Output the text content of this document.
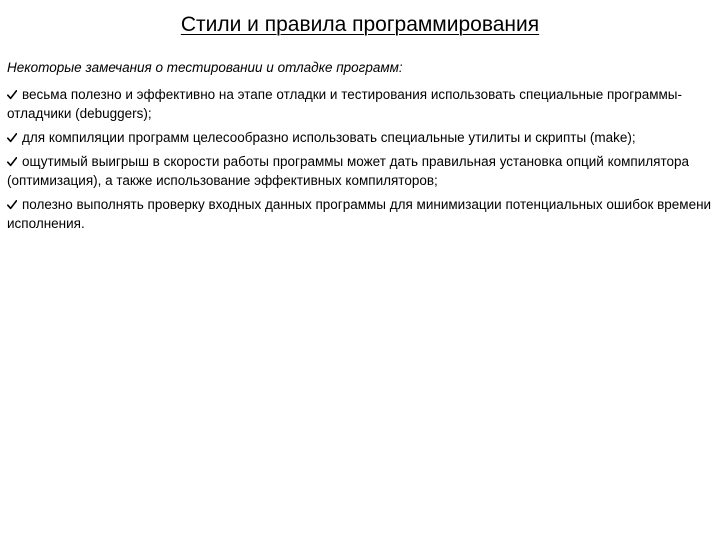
Стили и правила программирования

Некоторые замечания о тестировании и отладке программ:

весьма полезно и эффективно на этапе отладки и тестирования использовать специальные программы-отладчики (debuggers);

для компиляции программ целесообразно использовать специальные утилиты и скрипты (make);

ощутимый выигрыш в скорости работы программы может дать правильная установка опций компилятора (оптимизация), а также использование эффективных компиляторов;

полезно выполнять проверку входных данных программы для минимизации потенциальных ошибок времени исполнения.
